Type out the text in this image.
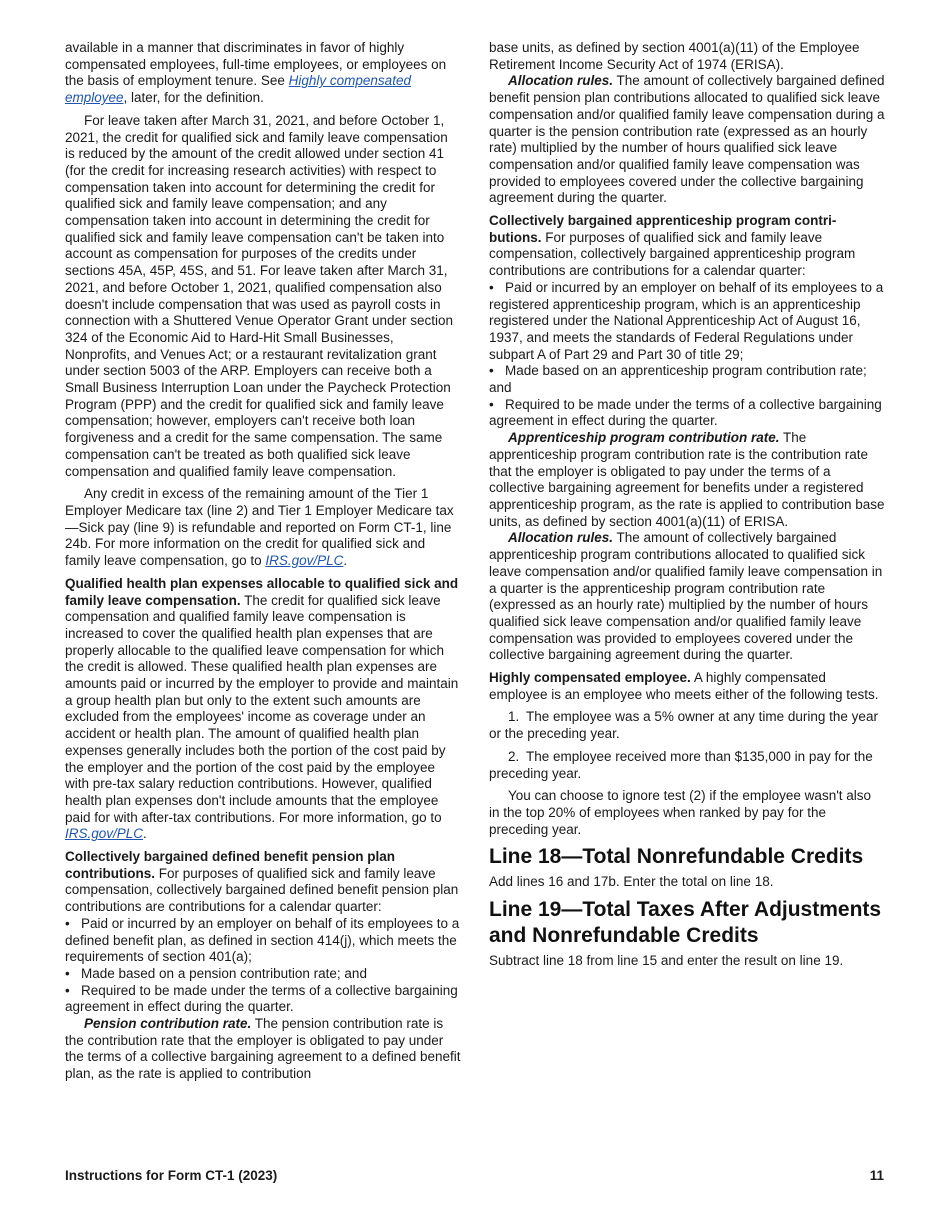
available in a manner that discriminates in favor of highly compensated employees, full-time employees, or employees on the basis of employment tenure. See Highly compensated employee, later, for the definition.

For leave taken after March 31, 2021, and before October 1, 2021, the credit for qualified sick and family leave compensation is reduced by the amount of the credit allowed under section 41 (for the credit for increasing research activities) with respect to compensation taken into account for determining the credit for qualified sick and family leave compensation; and any compensation taken into account in determining the credit for qualified sick and family leave compensation can't be taken into account as compensation for purposes of the credits under sections 45A, 45P, 45S, and 51. For leave taken after March 31, 2021, and before October 1, 2021, qualified compensation also doesn't include compensation that was used as payroll costs in connection with a Shuttered Venue Operator Grant under section 324 of the Economic Aid to Hard-Hit Small Businesses, Nonprofits, and Venues Act; or a restaurant revitalization grant under section 5003 of the ARP. Employers can receive both a Small Business Interruption Loan under the Paycheck Protection Program (PPP) and the credit for qualified sick and family leave compensation; however, employers can't receive both loan forgiveness and a credit for the same compensation. The same compensation can't be treated as both qualified sick leave compensation and qualified family leave compensation.

Any credit in excess of the remaining amount of the Tier 1 Employer Medicare tax (line 2) and Tier 1 Employer Medicare tax—Sick pay (line 9) is refundable and reported on Form CT-1, line 24b. For more information on the credit for qualified sick and family leave compensation, go to IRS.gov/PLC.

Qualified health plan expenses allocable to qualified sick and family leave compensation. The credit for qualified sick leave compensation and qualified family leave compensation is increased to cover the qualified health plan expenses that are properly allocable to the qualified leave compensation for which the credit is allowed. These qualified health plan expenses are amounts paid or incurred by the employer to provide and maintain a group health plan but only to the extent such amounts are excluded from the employees' income as coverage under an accident or health plan. The amount of qualified health plan expenses generally includes both the portion of the cost paid by the employer and the portion of the cost paid by the employee with pre-tax salary reduction contributions. However, qualified health plan expenses don't include amounts that the employee paid for with after-tax contributions. For more information, go to IRS.gov/PLC.

Collectively bargained defined benefit pension plan contributions. For purposes of qualified sick and family leave compensation, collectively bargained defined benefit pension plan contributions are contributions for a calendar quarter:

• Paid or incurred by an employer on behalf of its employees to a defined benefit plan, as defined in section 414(j), which meets the requirements of section 401(a);

• Made based on a pension contribution rate; and

• Required to be made under the terms of a collective bargaining agreement in effect during the quarter.

Pension contribution rate. The pension contribution rate is the contribution rate that the employer is obligated to pay under the terms of a collective bargaining agreement to a defined benefit plan, as the rate is applied to contribution

base units, as defined by section 4001(a)(11) of the Employee Retirement Income Security Act of 1974 (ERISA).

Allocation rules. The amount of collectively bargained defined benefit pension plan contributions allocated to qualified sick leave compensation and/or qualified family leave compensation during a quarter is the pension contribution rate (expressed as an hourly rate) multiplied by the number of hours qualified sick leave compensation and/or qualified family leave compensation was provided to employees covered under the collective bargaining agreement during the quarter.

Collectively bargained apprenticeship program contri-butions. For purposes of qualified sick and family leave compensation, collectively bargained apprenticeship program contributions are contributions for a calendar quarter:

• Paid or incurred by an employer on behalf of its employees to a registered apprenticeship program, which is an apprenticeship registered under the National Apprenticeship Act of August 16, 1937, and meets the standards of Federal Regulations under subpart A of Part 29 and Part 30 of title 29;

• Made based on an apprenticeship program contribution rate; and

• Required to be made under the terms of a collective bargaining agreement in effect during the quarter.

Apprenticeship program contribution rate. The apprenticeship program contribution rate is the contribution rate that the employer is obligated to pay under the terms of a collective bargaining agreement for benefits under a registered apprenticeship program, as the rate is applied to contribution base units, as defined by section 4001(a)(11) of ERISA.

Allocation rules. The amount of collectively bargained apprenticeship program contributions allocated to qualified sick leave compensation and/or qualified family leave compensation in a quarter is the apprenticeship program contribution rate (expressed as an hourly rate) multiplied by the number of hours qualified sick leave compensation and/or qualified family leave compensation was provided to employees covered under the collective bargaining agreement during the quarter.

Highly compensated employee. A highly compensated employee is an employee who meets either of the following tests.

1. The employee was a 5% owner at any time during the year or the preceding year.

2. The employee received more than $135,000 in pay for the preceding year.

You can choose to ignore test (2) if the employee wasn't also in the top 20% of employees when ranked by pay for the preceding year.

Line 18—Total Nonrefundable Credits

Add lines 16 and 17b. Enter the total on line 18.

Line 19—Total Taxes After Adjustments and Nonrefundable Credits

Subtract line 18 from line 15 and enter the result on line 19.

Instructions for Form CT-1 (2023)	11
